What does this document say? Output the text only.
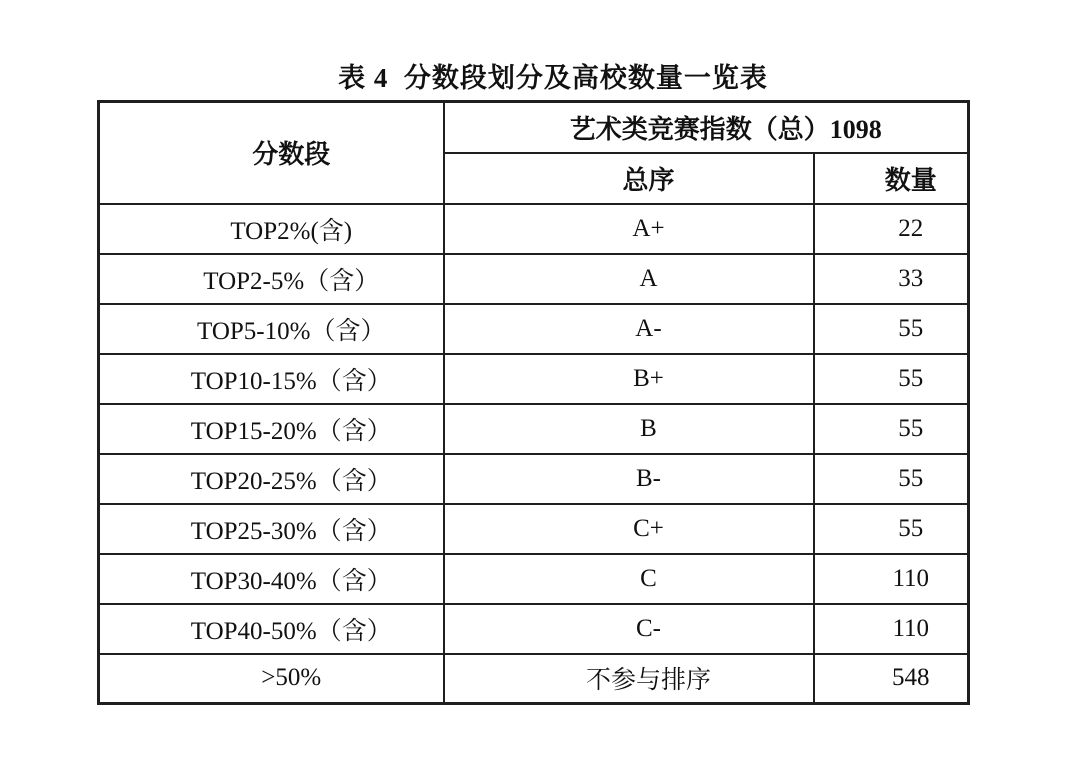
表 4  分数段划分及高校数量一览表
分数段	艺术类竞赛指数（总）1098	
	总序	数量
TOP2%(含)	A+	22
TOP2-5%（含）	A	33
TOP5-10%（含）	A-	55
TOP10-15%（含）	B+	55
TOP15-20%（含）	B	55
TOP20-25%（含）	B-	55
TOP25-30%（含）	C+	55
TOP30-40%（含）	C	110
TOP40-50%（含）	C-	110
>50%	不参与排序	548
